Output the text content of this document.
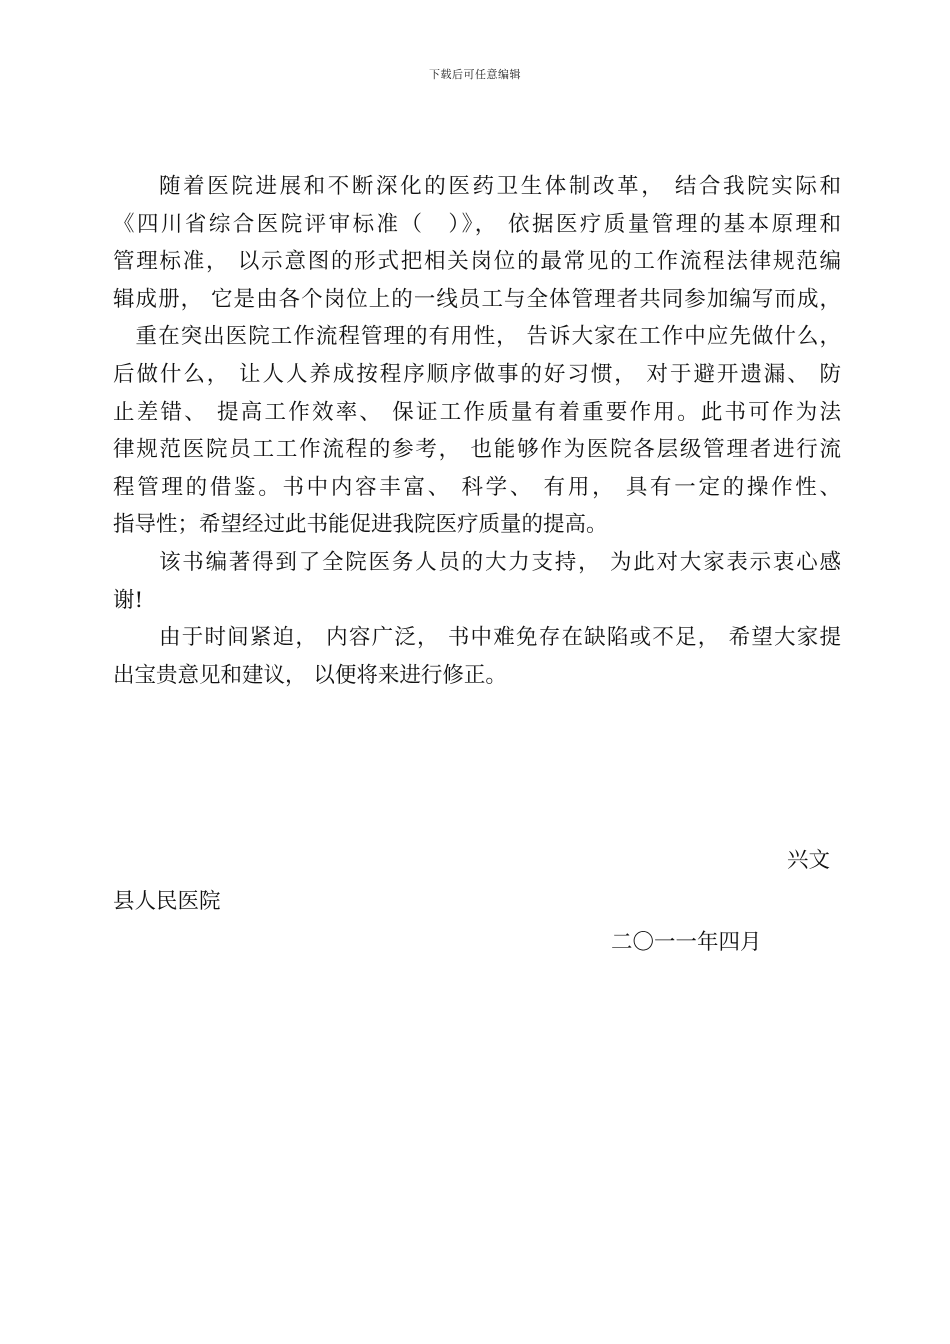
下载后可任意编辑
随着医院进展和不断深化的医药卫生体制改革， 结合我院实际和
《四川省综合医院评审标准（　）》， 依据医疗质量管理的基本原理和
管理标准， 以示意图的形式把相关岗位的最常见的工作流程法律规范编
辑成册， 它是由各个岗位上的一线员工与全体管理者共同参加编写而成，
　重在突出医院工作流程管理的有用性， 告诉大家在工作中应先做什么，
后做什么， 让人人养成按程序顺序做事的好习惯， 对于避开遗漏、 防
止差错、 提高工作效率、 保证工作质量有着重要作用。此书可作为法
律规范医院员工工作流程的参考， 也能够作为医院各层级管理者进行流
程管理的借鉴。书中内容丰富、 科学、 有用， 具有一定的操作性、
指导性；希望经过此书能促进我院医疗质量的提高。
该书编著得到了全院医务人员的大力支持， 为此对大家表示衷心感
谢!
由于时间紧迫， 内容广泛， 书中难免存在缺陷或不足， 希望大家提
出宝贵意见和建议， 以便将来进行修正。
兴文
县人民医院
二〇一一年四月
